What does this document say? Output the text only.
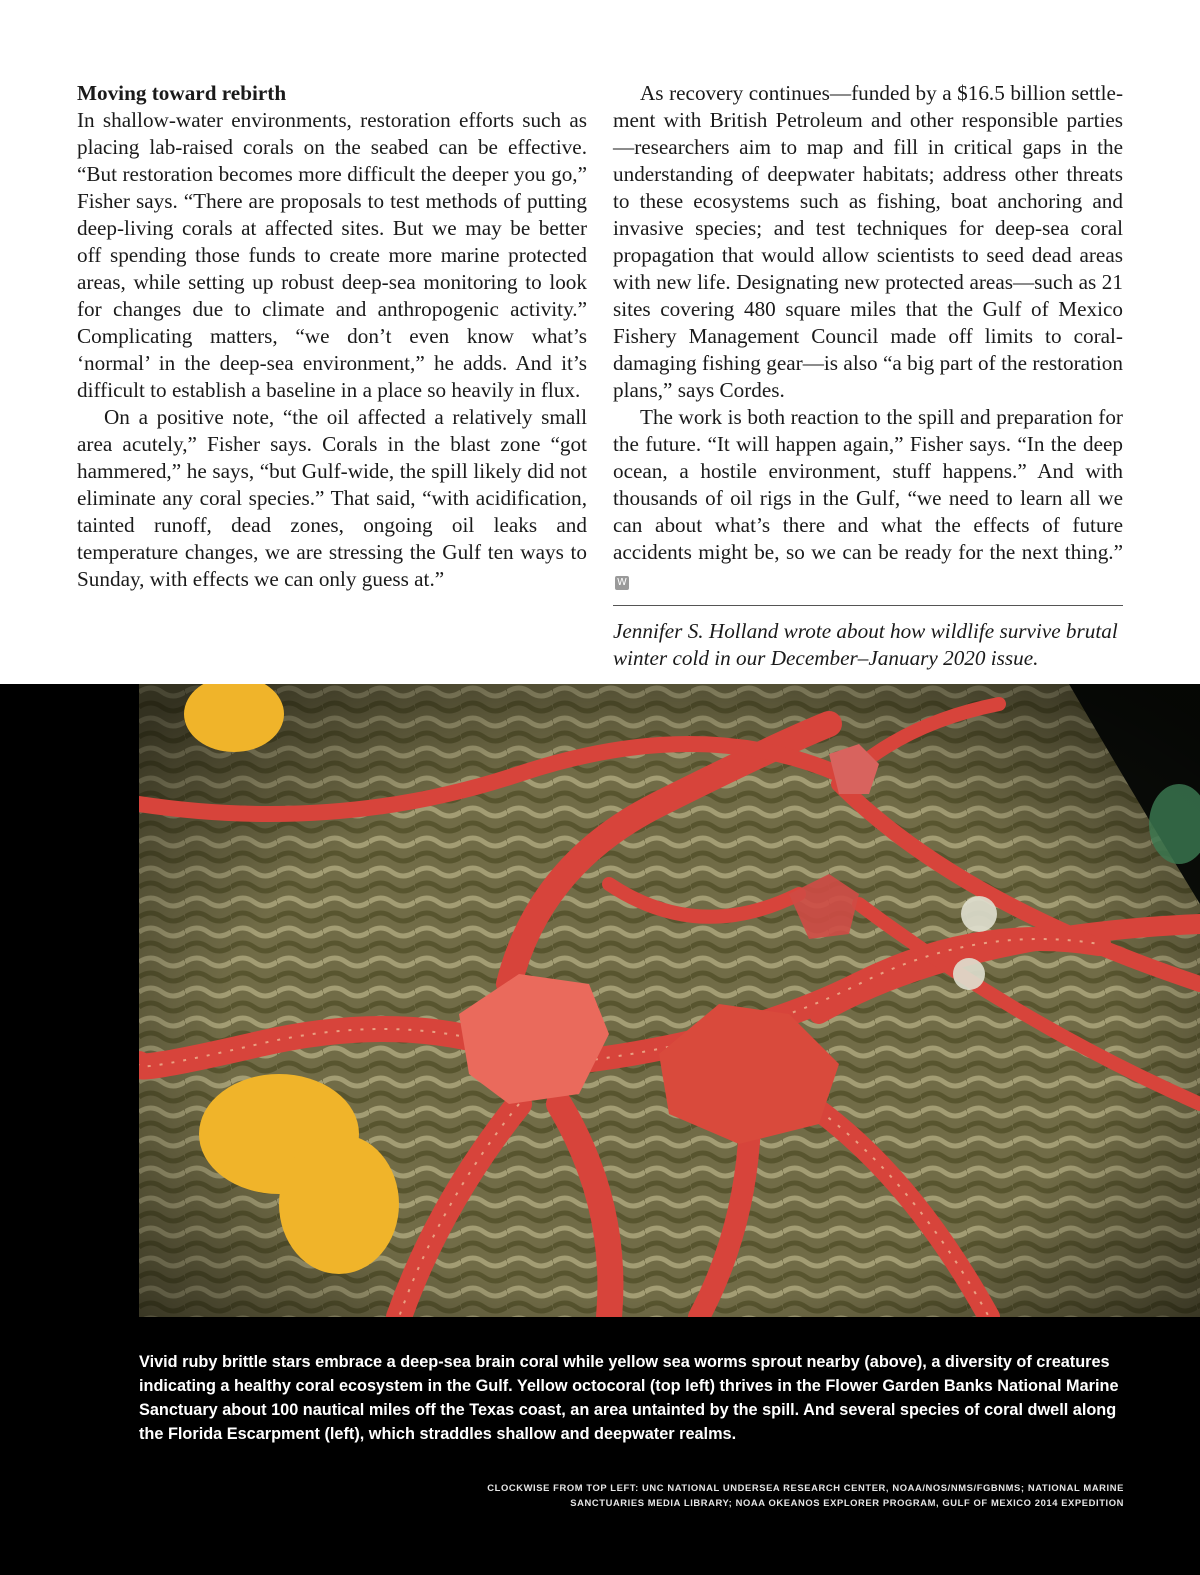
Moving toward rebirth

In shallow-water environments, restoration efforts such as placing lab-raised corals on the seabed can be effective. “But restoration becomes more difficult the deeper you go,” Fisher says. “There are proposals to test methods of putting deep-living corals at affected sites. But we may be better off spending those funds to create more marine protected areas, while setting up robust deep-sea monitoring to look for changes due to climate and anthropogenic activity.” Complicating matters, “we don’t even know what’s ‘normal’ in the deep-sea environment,” he adds. And it’s difficult to establish a baseline in a place so heavily in flux.

On a positive note, “the oil affected a relatively small area acutely,” Fisher says. Corals in the blast zone “got hammered,” he says, “but Gulf-wide, the spill likely did not eliminate any coral species.” That said, “with acidification, tainted runoff, dead zones, ongoing oil leaks and temperature changes, we are stressing the Gulf ten ways to Sunday, with effects we can only guess at.”

As recovery continues—funded by a $16.5 billion settlement with British Petroleum and other responsible parties—researchers aim to map and fill in critical gaps in the understanding of deepwater habitats; address other threats to these ecosystems such as fishing, boat anchoring and invasive species; and test techniques for deep-sea coral propagation that would allow scientists to seed dead areas with new life. Designating new protected areas—such as 21 sites covering 480 square miles that the Gulf of Mexico Fishery Management Council made off limits to coral-damaging fishing gear—is also “a big part of the restoration plans,” says Cordes.

The work is both reaction to the spill and preparation for the future. “It will happen again,” Fisher says. “In the deep ocean, a hostile environment, stuff happens.” And with thousands of oil rigs in the Gulf, “we need to learn all we can about what’s there and what the effects of future accidents might be, so we can be ready for the next thing.”W

Jennifer S. Holland wrote about how wildlife survive brutal winter cold in our December–January 2020 issue.

Vivid ruby brittle stars embrace a deep-sea brain coral while yellow sea worms sprout nearby (above), a diversity of creatures indicating a healthy coral ecosystem in the Gulf. Yellow octocoral (top left) thrives in the Flower Garden Banks National Marine Sanctuary about 100 nautical miles off the Texas coast, an area untainted by the spill. And several species of coral dwell along the Florida Escarpment (left), which straddles shallow and deepwater realms.
CLOCKWISE FROM TOP LEFT: UNC NATIONAL UNDERSEA RESEARCH CENTER, NOAA/NOS/NMS/FGBNMS; NATIONAL MARINE SANCTUARIES MEDIA LIBRARY; NOAA OKEANOS EXPLORER PROGRAM, GULF OF MEXICO 2014 EXPEDITION
